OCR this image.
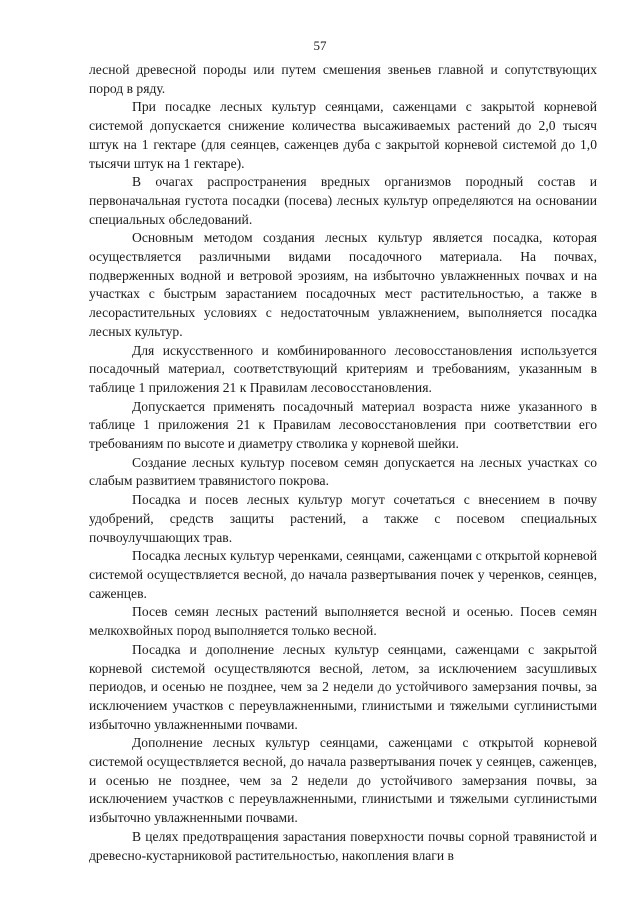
57

лесной древесной породы или путем смешения звеньев главной и сопутствующих пород в ряду.

При посадке лесных культур сеянцами, саженцами с закрытой корневой системой допускается снижение количества высаживаемых растений до 2,0 тысяч штук на 1 гектаре (для сеянцев, саженцев дуба с закрытой корневой системой до 1,0 тысячи штук на 1 гектаре).

В очагах распространения вредных организмов породный состав и первоначальная густота посадки (посева) лесных культур определяются на основании специальных обследований.

Основным методом создания лесных культур является посадка, которая осуществляется различными видами посадочного материала. На почвах, подверженных водной и ветровой эрозиям, на избыточно увлажненных почвах и на участках с быстрым зарастанием посадочных мест растительностью, а также в лесорастительных условиях с недостаточным увлажнением, выполняется посадка лесных культур.

Для искусственного и комбинированного лесовосстановления используется посадочный материал, соответствующий критериям и требованиям, указанным в таблице 1 приложения 21 к Правилам лесовосстановления.

Допускается применять посадочный материал возраста ниже указанного в таблице 1 приложения 21 к Правилам лесовосстановления при соответствии его требованиям по высоте и диаметру стволика у корневой шейки.

Создание лесных культур посевом семян допускается на лесных участках со слабым развитием травянистого покрова.

Посадка и посев лесных культур могут сочетаться с внесением в почву удобрений, средств защиты растений, а также с посевом специальных почвоулучшающих трав.

Посадка лесных культур черенками, сеянцами, саженцами с открытой корневой системой осуществляется весной, до начала развертывания почек у черенков, сеянцев, саженцев.

Посев семян лесных растений выполняется весной и осенью. Посев семян мелкохвойных пород выполняется только весной.

Посадка и дополнение лесных культур сеянцами, саженцами с закрытой корневой системой осуществляются весной, летом, за исключением засушливых периодов, и осенью не позднее, чем за 2 недели до устойчивого замерзания почвы, за исключением участков с переувлажненными, глинистыми и тяжелыми суглинистыми избыточно увлажненными почвами.

Дополнение лесных культур сеянцами, саженцами с открытой корневой системой осуществляется весной, до начала развертывания почек у сеянцев, саженцев, и осенью не позднее, чем за 2 недели до устойчивого замерзания почвы, за исключением участков с переувлажненными, глинистыми и тяжелыми суглинистыми избыточно увлажненными почвами.

В целях предотвращения зарастания поверхности почвы сорной травянистой и древесно-кустарниковой растительностью, накопления влаги в
